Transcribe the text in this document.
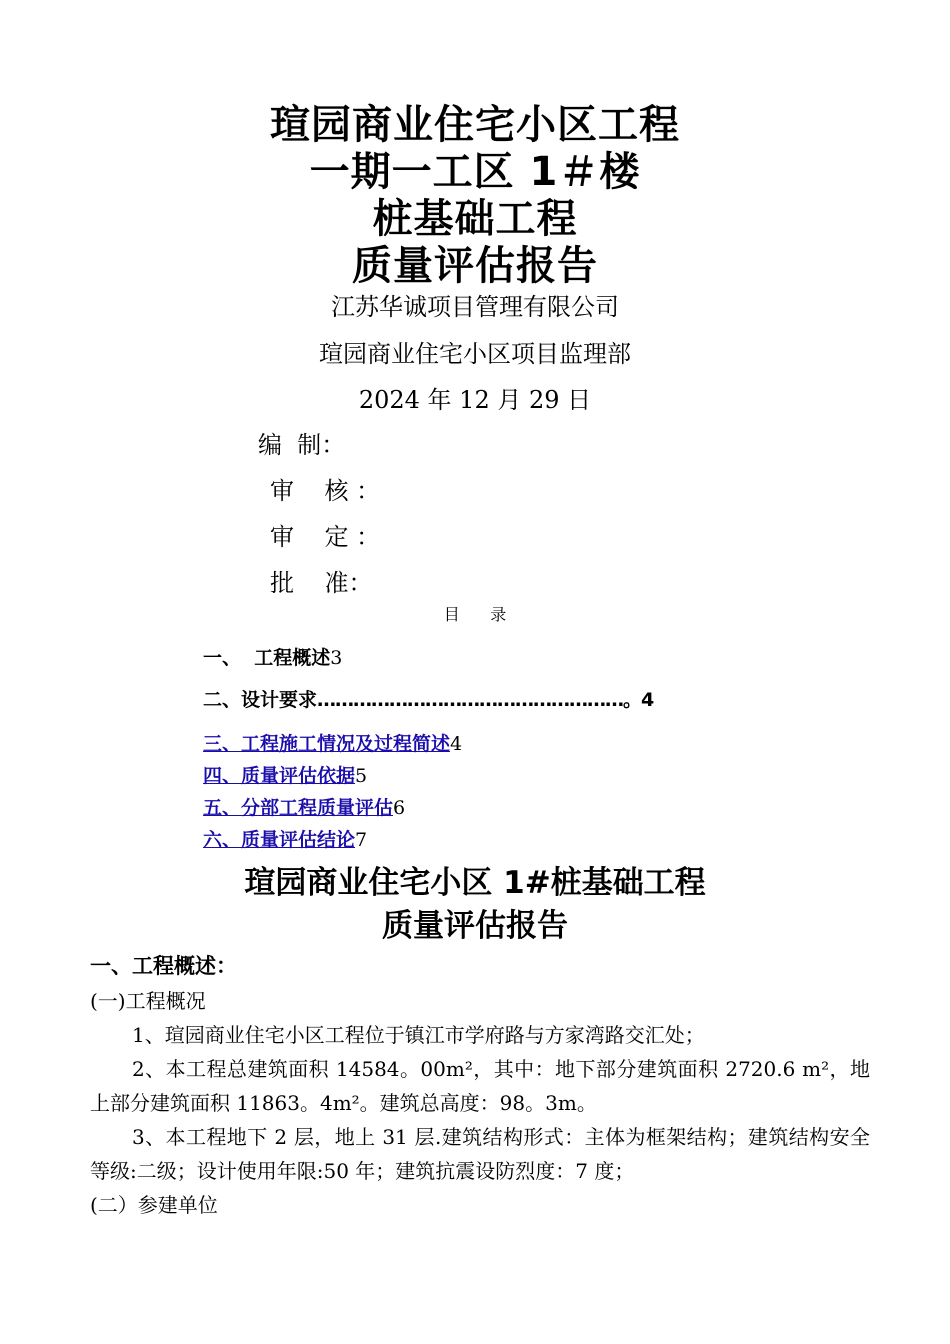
瑄园商业住宅小区工程
一期一工区 1＃楼
桩基础工程
质量评估报告
江苏华诚项目管理有限公司
瑄园商业住宅小区项目监理部
2024 年 12 月 29 日
编  制：
审    核 ：
审    定 ：
批    准：
目      录
一、  工程概述3
二、设计要求……………………………………………。4
三、工程施工情况及过程简述4
四、质量评估依据5
五、分部工程质量评估6
六、质量评估结论7
瑄园商业住宅小区 1#桩基础工程
质量评估报告
一、工程概述：
(一)工程概况
1、瑄园商业住宅小区工程位于镇江市学府路与方家湾路交汇处；
2、本工程总建筑面积 14584。00m²，其中：地下部分建筑面积 2720.6 m²，地上部分建筑面积 11863。4m²。建筑总高度：98。3m。
3、本工程地下 2 层，地上 31 层.建筑结构形式：主体为框架结构；建筑结构安全等级:二级；设计使用年限:50 年；建筑抗震设防烈度：7 度；
(二）参建单位
